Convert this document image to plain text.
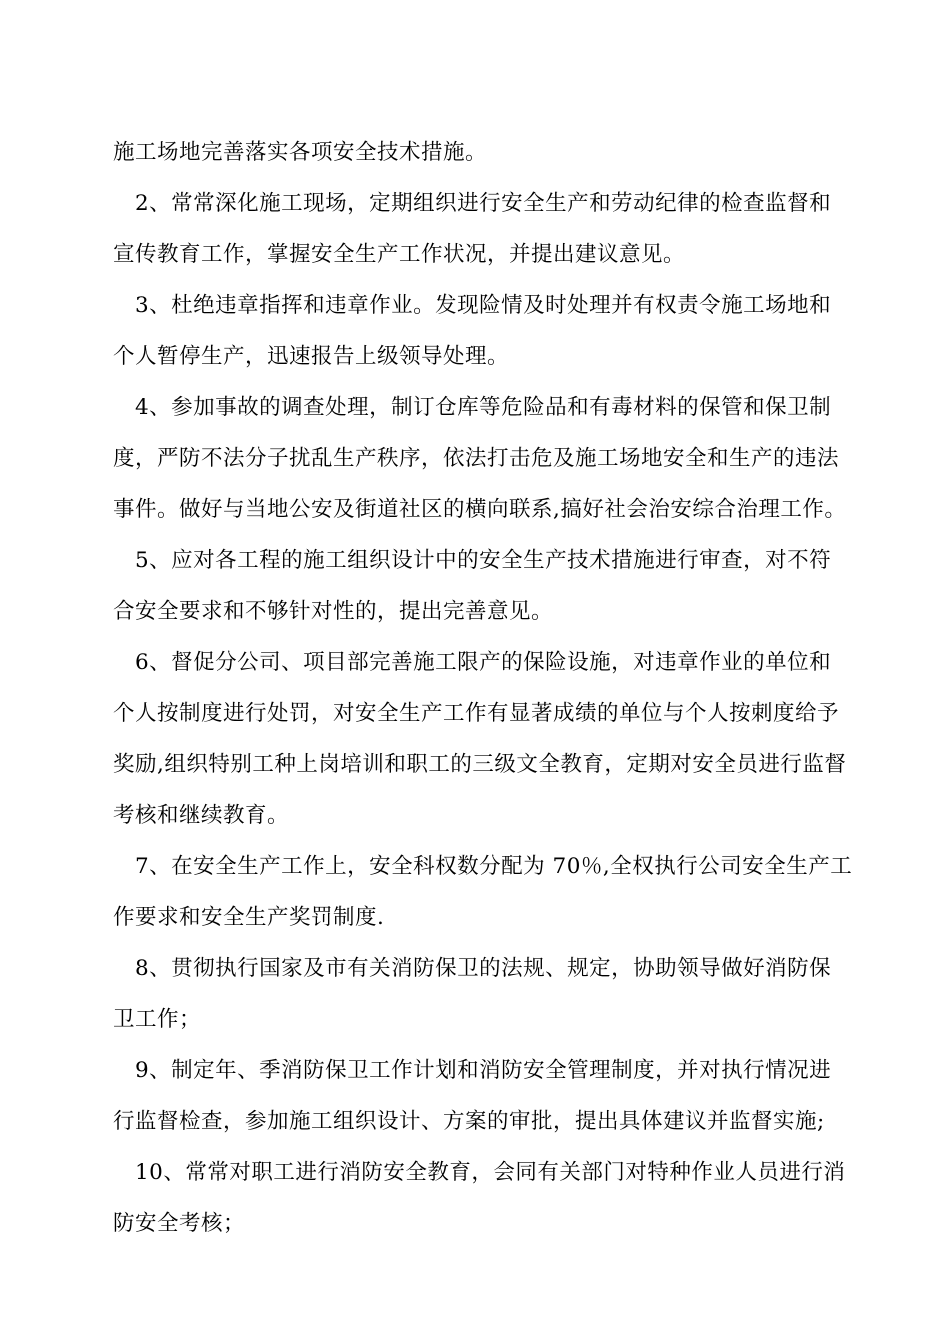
施工场地完善落实各项安全技术措施。
2、常常深化施工现场，定期组织进行安全生产和劳动纪律的检查监督和
宣传教育工作，掌握安全生产工作状况，并提出建议意见。
3、杜绝违章指挥和违章作业。发现险情及时处理并有权责令施工场地和
个人暂停生产，迅速报告上级领导处理。
4、参加事故的调查处理，制订仓库等危险品和有毒材料的保管和保卫制
度，严防不法分子扰乱生产秩序，依法打击危及施工场地安全和生产的违法
事件。做好与当地公安及街道社区的横向联系,搞好社会治安综合治理工作。
5、应对各工程的施工组织设计中的安全生产技术措施进行审查，对不符
合安全要求和不够针对性的，提出完善意见。
6、督促分公司、项目部完善施工限产的保险设施，对违章作业的单位和
个人按制度进行处罚，对安全生产工作有显著成绩的单位与个人按刺度给予
奖励,组织特别工种上岗培训和职工的三级文全教育，定期对安全员进行监督
考核和继续教育。
7、在安全生产工作上，安全科权数分配为 70％,全权执行公司安全生产工
作要求和安全生产奖罚制度.
8、贯彻执行国家及市有关消防保卫的法规、规定，协助领导做好消防保
卫工作；
9、制定年、季消防保卫工作计划和消防安全管理制度，并对执行情况进
行监督检查，参加施工组织设计、方案的审批，提出具体建议并监督实施;
10、常常对职工进行消防安全教育，会同有关部门对特种作业人员进行消
防安全考核；
